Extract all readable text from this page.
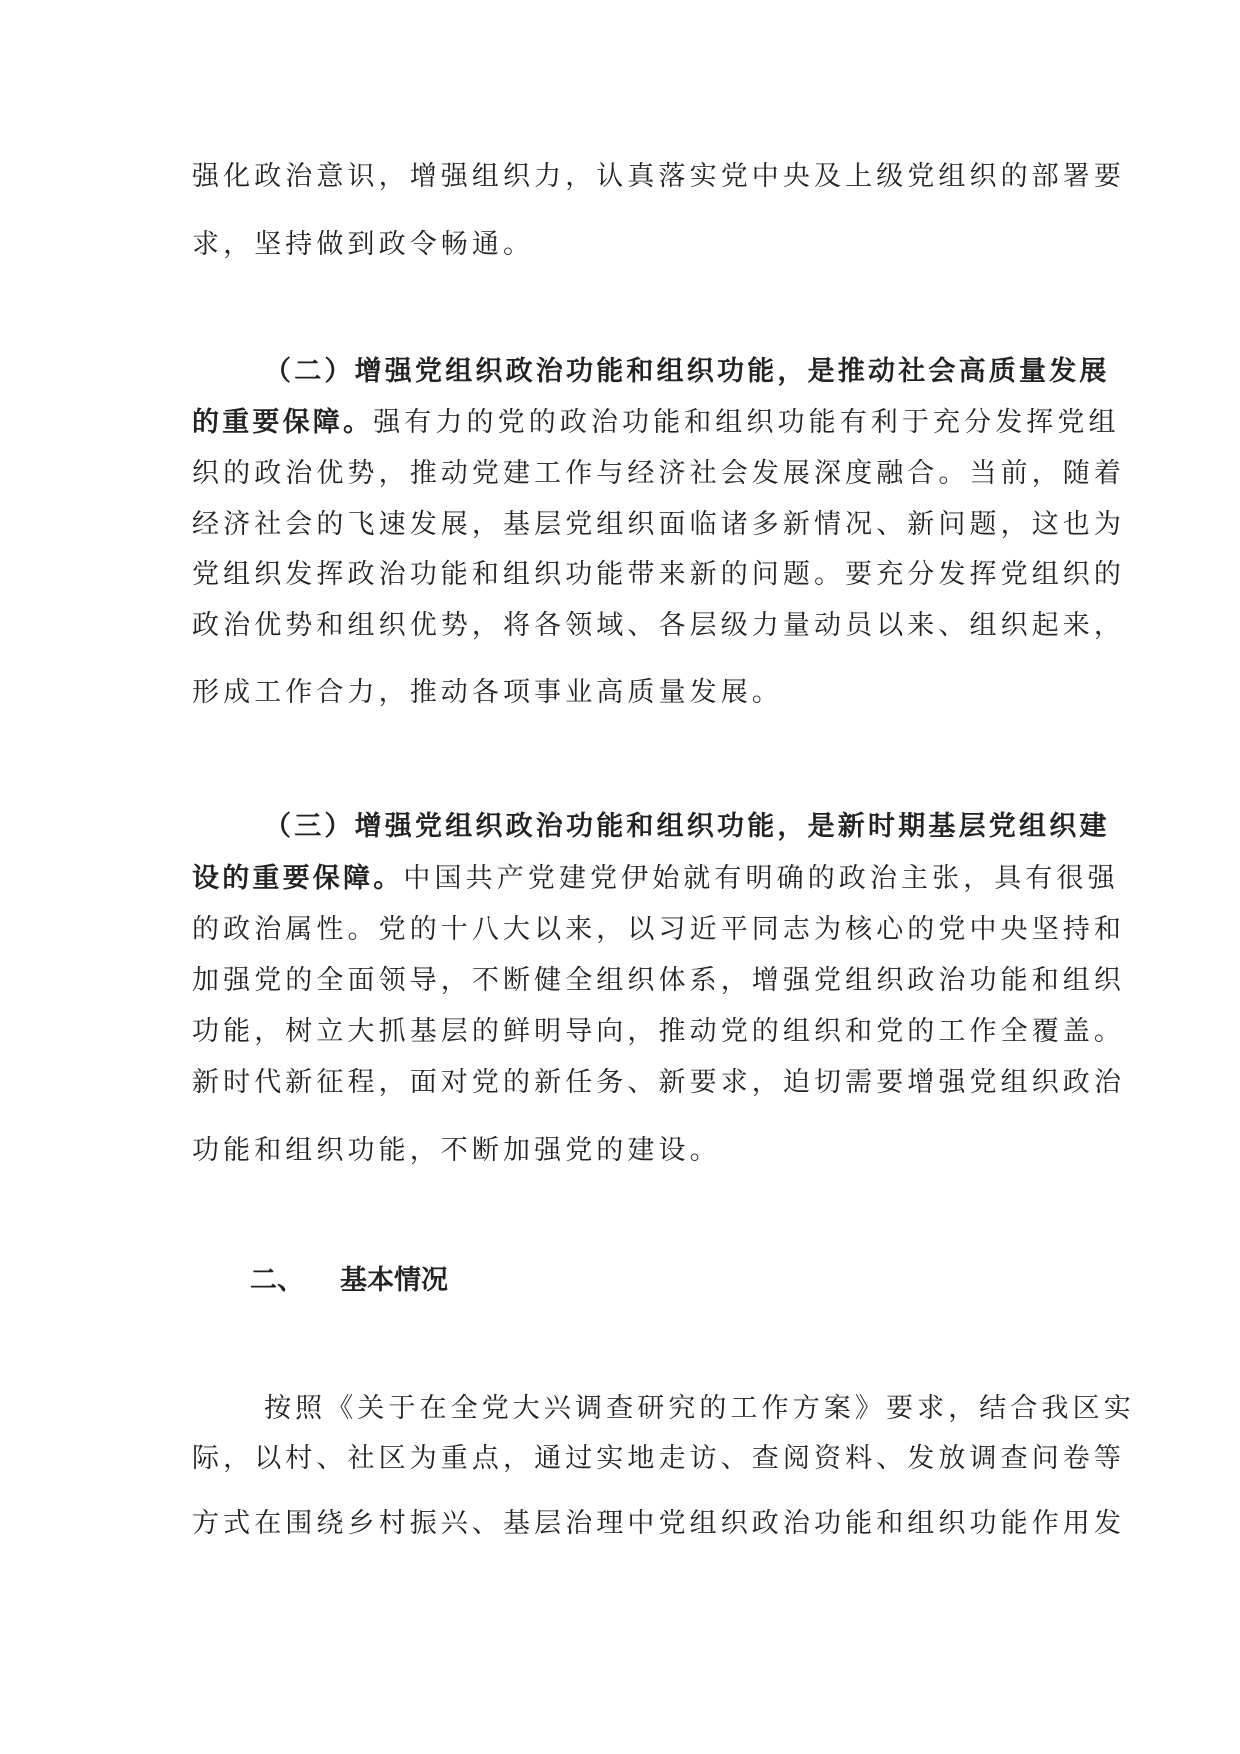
强化政治意识，增强组织力，认真落实党中央及上级党组织的部署要

求，坚持做到政令畅通。

（二）增强党组织政治功能和组织功能，是推动社会高质量发展

的重要保障。强有力的党的政治功能和组织功能有利于充分发挥党组

织的政治优势，推动党建工作与经济社会发展深度融合。当前，随着

经济社会的飞速发展，基层党组织面临诸多新情况、新问题，这也为

党组织发挥政治功能和组织功能带来新的问题。要充分发挥党组织的

政治优势和组织优势，将各领域、各层级力量动员以来、组织起来，

形成工作合力，推动各项事业高质量发展。

（三）增强党组织政治功能和组织功能，是新时期基层党组织建

设的重要保障。中国共产党建党伊始就有明确的政治主张，具有很强

的政治属性。党的十八大以来，以习近平同志为核心的党中央坚持和

加强党的全面领导，不断健全组织体系，增强党组织政治功能和组织

功能，树立大抓基层的鲜明导向，推动党的组织和党的工作全覆盖。

新时代新征程，面对党的新任务、新要求，迫切需要增强党组织政治

功能和组织功能，不断加强党的建设。

二、 基本情况

按照《关于在全党大兴调查研究的工作方案》要求，结合我区实

际，以村、社区为重点，通过实地走访、查阅资料、发放调查问卷等

方式在围绕乡村振兴、基层治理中党组织政治功能和组织功能作用发
